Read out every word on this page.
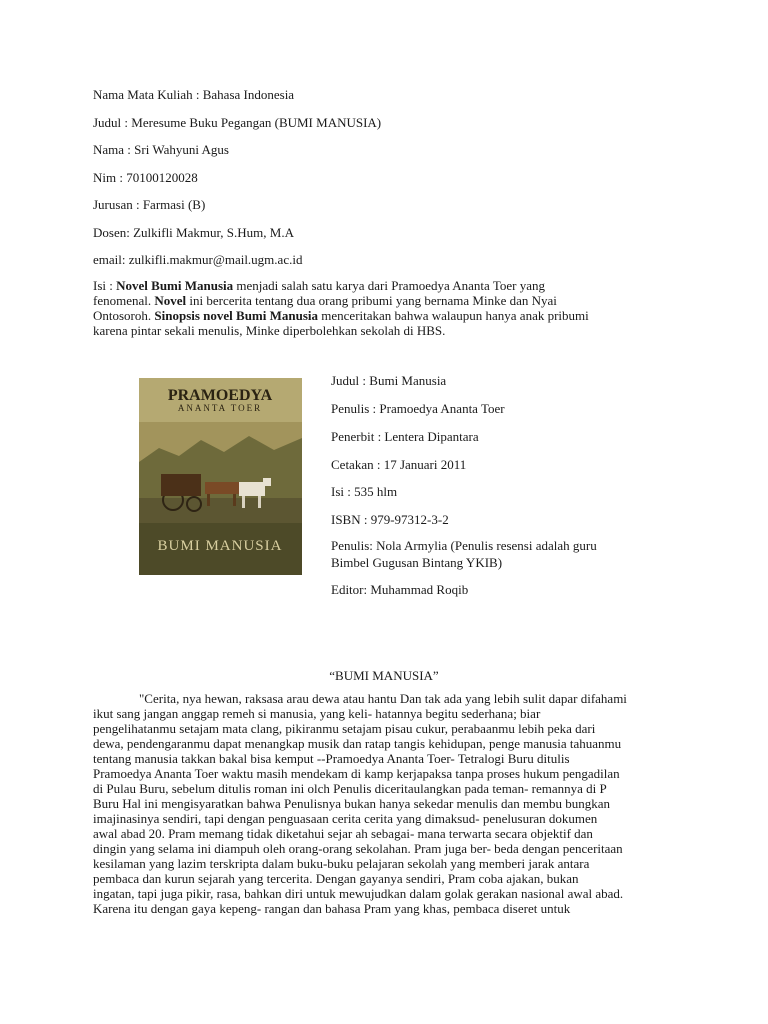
Nama Mata Kuliah : Bahasa Indonesia
Judul : Meresume Buku Pegangan (BUMI MANUSIA)
Nama : Sri Wahyuni Agus
Nim : 70100120028
Jurusan : Farmasi (B)
Dosen: Zulkifli Makmur, S.Hum, M.A
email: zulkifli.makmur@mail.ugm.ac.id
Isi : Novel Bumi Manusia menjadi salah satu karya dari Pramoedya Ananta Toer yang
fenomenal. Novel ini bercerita tentang dua orang pribumi yang bernama Minke dan Nyai
Ontosoroh. Sinopsis novel Bumi Manusia menceritakan bahwa walaupun hanya anak pribumi
karena pintar sekali menulis, Minke diperbolehkan sekolah di HBS.
PRAMOEDYA
ANANTA TOER
BUMI MANUSIA
Judul : Bumi Manusia
Penulis : Pramoedya Ananta Toer
Penerbit : Lentera Dipantara
Cetakan : 17 Januari 2011
Isi : 535 hlm
ISBN : 979-97312-3-2
Penulis: Nola Armylia (Penulis resensi adalah guru
Bimbel Gugusan Bintang YKIB)
Editor: Muhammad Roqib
“BUMI MANUSIA”
"Cerita, nya hewan, raksasa arau dewa atau hantu Dan tak ada yang lebih sulit dapar difahami
ikut sang jangan anggap remeh si manusia, yang keli- hatannya begitu sederhana; biar
pengelihatanmu setajam mata clang, pikiranmu setajam pisau cukur, perabaanmu lebih peka dari
dewa, pendengaranmu dapat menangkap musik dan ratap tangis kehidupan, penge manusia tahuanmu
tentang manusia takkan bakal bisa kemput --Pramoedya Ananta Toer- Tetralogi Buru ditulis
Pramoedya Ananta Toer waktu masih mendekam di kamp kerjapaksa tanpa proses hukum pengadilan
di Pulau Buru, sebelum ditulis roman ini olch Penulis diceritaulangkan pada teman- remannya di P
Buru Hal ini mengisyaratkan bahwa Penulisnya bukan hanya sekedar menulis dan membu bungkan
imajinasinya sendiri, tapi dengan penguasaan cerita cerita yang dimaksud- penelusuran dokumen
awal abad 20. Pram memang tidak diketahui sejar ah sebagai- mana terwarta secara objektif dan
dingin yang selama ini diampuh oleh orang-orang sekolahan. Pram juga ber- beda dengan penceritaan
kesilaman yang lazim terskripta dalam buku-buku pelajaran sekolah yang memberi jarak antara
pembaca dan kurun sejarah yang tercerita. Dengan gayanya sendiri, Pram coba ajakan, bukan
ingatan, tapi juga pikir, rasa, bahkan diri untuk mewujudkan dalam golak gerakan nasional awal abad.
Karena itu dengan gaya kepeng- rangan dan bahasa Pram yang khas, pembaca diseret untuk
